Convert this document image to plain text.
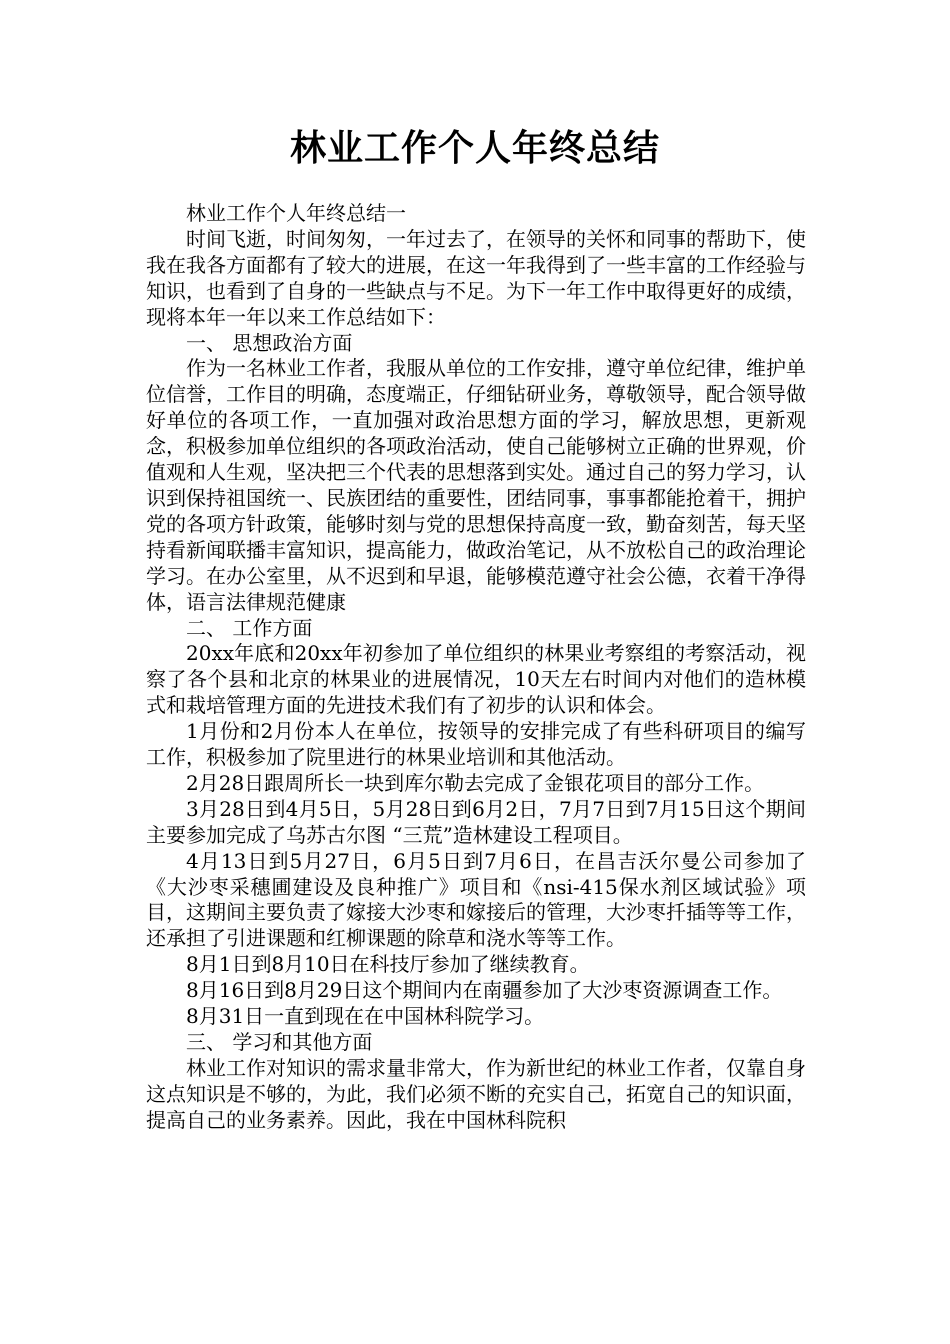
林业工作个人年终总结

林业工作个人年终总结一

时间飞逝，时间匆匆，一年过去了，在领导的关怀和同事的帮助下，使我在我各方面都有了较大的进展，在这一年我得到了一些丰富的工作经验与知识，也看到了自身的一些缺点与不足。为下一年工作中取得更好的成绩，现将本年一年以来工作总结如下：

一、 思想政治方面

作为一名林业工作者，我服从单位的工作安排，遵守单位纪律，维护单位信誉，工作目的明确，态度端正，仔细钻研业务，尊敬领导，配合领导做好单位的各项工作，一直加强对政治思想方面的学习，解放思想，更新观念，积极参加单位组织的各项政治活动，使自己能够树立正确的世界观，价值观和人生观，坚决把三个代表的思想落到实处。通过自己的努力学习，认识到保持祖国统一、民族团结的重要性，团结同事，事事都能抢着干，拥护党的各项方针政策，能够时刻与党的思想保持高度一致，勤奋刻苦，每天坚持看新闻联播丰富知识，提高能力，做政治笔记，从不放松自己的政治理论学习。在办公室里，从不迟到和早退，能够模范遵守社会公德，衣着干净得体，语言法律规范健康

二、 工作方面

20xx年底和20xx年初参加了单位组织的林果业考察组的考察活动，视察了各个县和北京的林果业的进展情况，10天左右时间内对他们的造林模式和栽培管理方面的先进技术我们有了初步的认识和体会。

1月份和2月份本人在单位，按领导的安排完成了有些科研项目的编写工作，积极参加了院里进行的林果业培训和其他活动。

2月28日跟周所长一块到库尔勒去完成了金银花项目的部分工作。

3月28日到4月5日，5月28日到6月2日，7月7日到7月15日这个期间主要参加完成了乌苏古尔图 “三荒”造林建设工程项目。

4月13日到5月27日，6月5日到7月6日，在昌吉沃尔曼公司参加了《大沙枣采穗圃建设及良种推广》项目和《nsi-415保水剂区域试验》项目，这期间主要负责了嫁接大沙枣和嫁接后的管理，大沙枣扦插等等工作，还承担了引进课题和红柳课题的除草和浇水等等工作。

8月1日到8月10日在科技厅参加了继续教育。

8月16日到8月29日这个期间内在南疆参加了大沙枣资源调查工作。

8月31日一直到现在在中国林科院学习。

三、 学习和其他方面

林业工作对知识的需求量非常大，作为新世纪的林业工作者，仅靠自身这点知识是不够的，为此，我们必须不断的充实自己，拓宽自己的知识面，提高自己的业务素养。因此，我在中国林科院积
